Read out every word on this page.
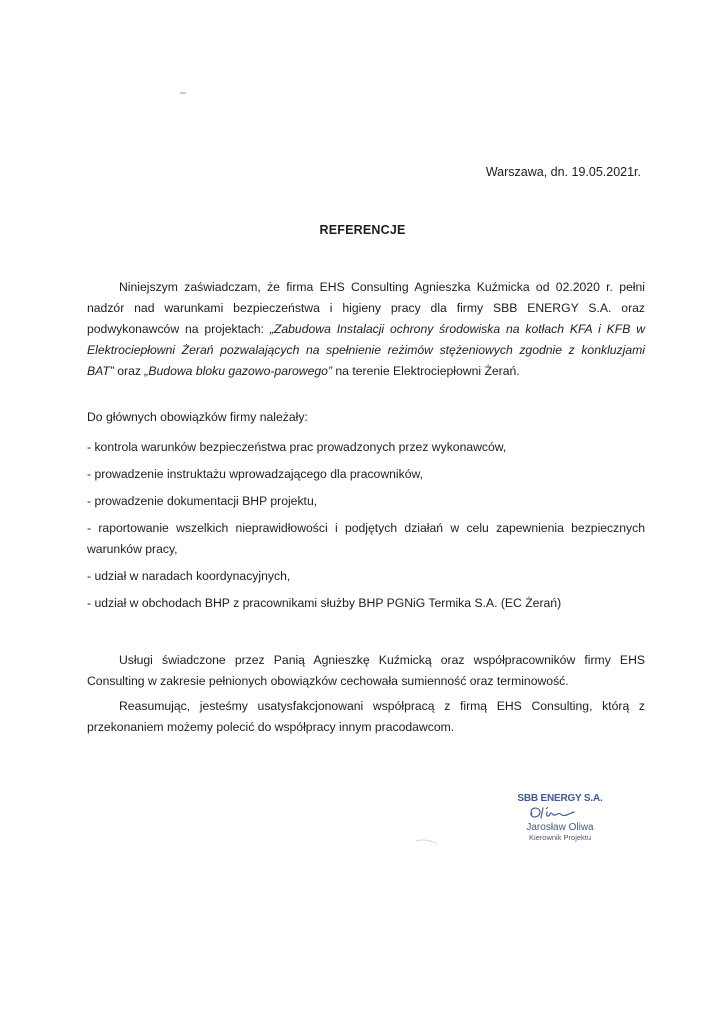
Warszawa, dn. 19.05.2021r.
REFERENCJE
Niniejszym zaświadczam, że firma EHS Consulting Agnieszka Kuźmicka od 02.2020 r. pełni nadzór nad warunkami bezpieczeństwa i higieny pracy dla firmy SBB ENERGY S.A. oraz podwykonawców na projektach: „Zabudowa Instalacji ochrony środowiska na kotłach KFA i KFB w Elektrociepłowni Żerań pozwalających na spełnienie reżimów stężeniowych zgodnie z konkluzjami BAT” oraz „Budowa bloku gazowo-parowego” na terenie Elektrociepłowni Żerań.
Do głównych obowiązków firmy należały:
- kontrola warunków bezpieczeństwa prac prowadzonych przez wykonawców,
- prowadzenie instruktażu wprowadzającego dla pracowników,
- prowadzenie dokumentacji BHP projektu,
- raportowanie wszelkich nieprawidłowości i podjętych działań w celu zapewnienia bezpiecznych warunków pracy,
- udział w naradach koordynacyjnych,
- udział w obchodach BHP z pracownikami służby BHP PGNiG Termika S.A. (EC Żerań)
Usługi świadczone przez Panią Agnieszkę Kuźmicką oraz współpracowników firmy EHS Consulting w zakresie pełnionych obowiązków cechowała sumienność oraz terminowość.
Reasumując, jesteśmy usatysfakcjonowani współpracą z firmą EHS Consulting, którą z przekonaniem możemy polecić do współpracy innym pracodawcom.
SBB ENERGY S.A.
Jarosław Oliwa
Kierownik Projektu
